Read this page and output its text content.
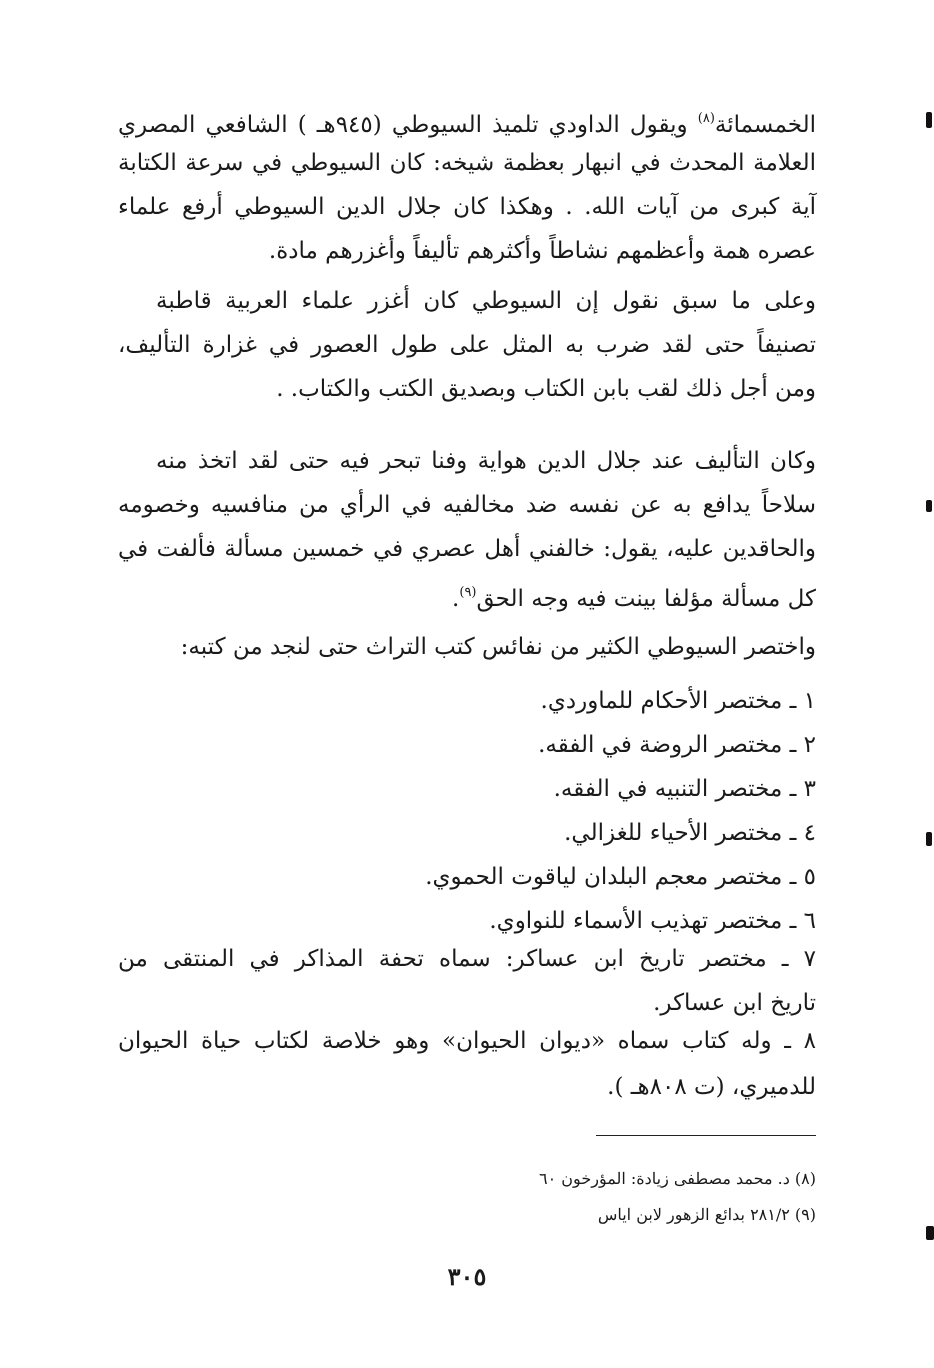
الخمسمائة$^{(٨)}$ ويقول الداودي تلميذ السيوطي (٩٤٥هـ ) الشافعي المصري
العلامة المحدث في انبهار بعظمة شيخه: كان السيوطي في سرعة الكتابة
آية كبرى من آيات الله. . وهكذا كان جلال الدين السيوطي أرفع علماء
عصره همة وأعظمهم نشاطاً وأكثرهم تأليفاً وأغزرهم مادة.
وعلى ما سبق نقول إن السيوطي كان أغزر علماء العربية قاطبة
تصنيفاً حتى لقد ضرب به المثل على طول العصور في غزارة التأليف،
ومن أجل ذلك لقب بابن الكتاب وبصديق الكتب والكتاب. .
وكان التأليف عند جلال الدين هواية وفنا تبحر فيه حتى لقد اتخذ منه
سلاحاً يدافع به عن نفسه ضد مخالفيه في الرأي من منافسيه وخصومه
والحاقدين عليه، يقول: خالفني أهل عصري في خمسين مسألة فألفت في
كل مسألة مؤلفا بينت فيه وجه الحق$^{(٩)}$.
واختصر السيوطي الكثير من نفائس كتب التراث حتى لنجد من كتبه:
١ ـ مختصر الأحكام للماوردي.
٢ ـ مختصر الروضة في الفقه.
٣ ـ مختصر التنبيه في الفقه.
٤ ـ مختصر الأحياء للغزالي.
٥ ـ مختصر معجم البلدان لياقوت الحموي.
٦ ـ مختصر تهذيب الأسماء للنواوي.
٧ ـ مختصر تاريخ ابن عساكر: سماه تحفة المذاكر في المنتقى من
تاريخ ابن عساكر.
٨ ـ وله كتاب سماه «ديوان الحيوان» وهو خلاصة لكتاب حياة الحيوان
للدميري، (ت ٨٠٨هـ ).
(٨) د. محمد مصطفى زيادة: المؤرخون ٦٠
(٩) ٢٨١/٢ بدائع الزهور لابن اياس
٣٠٥
